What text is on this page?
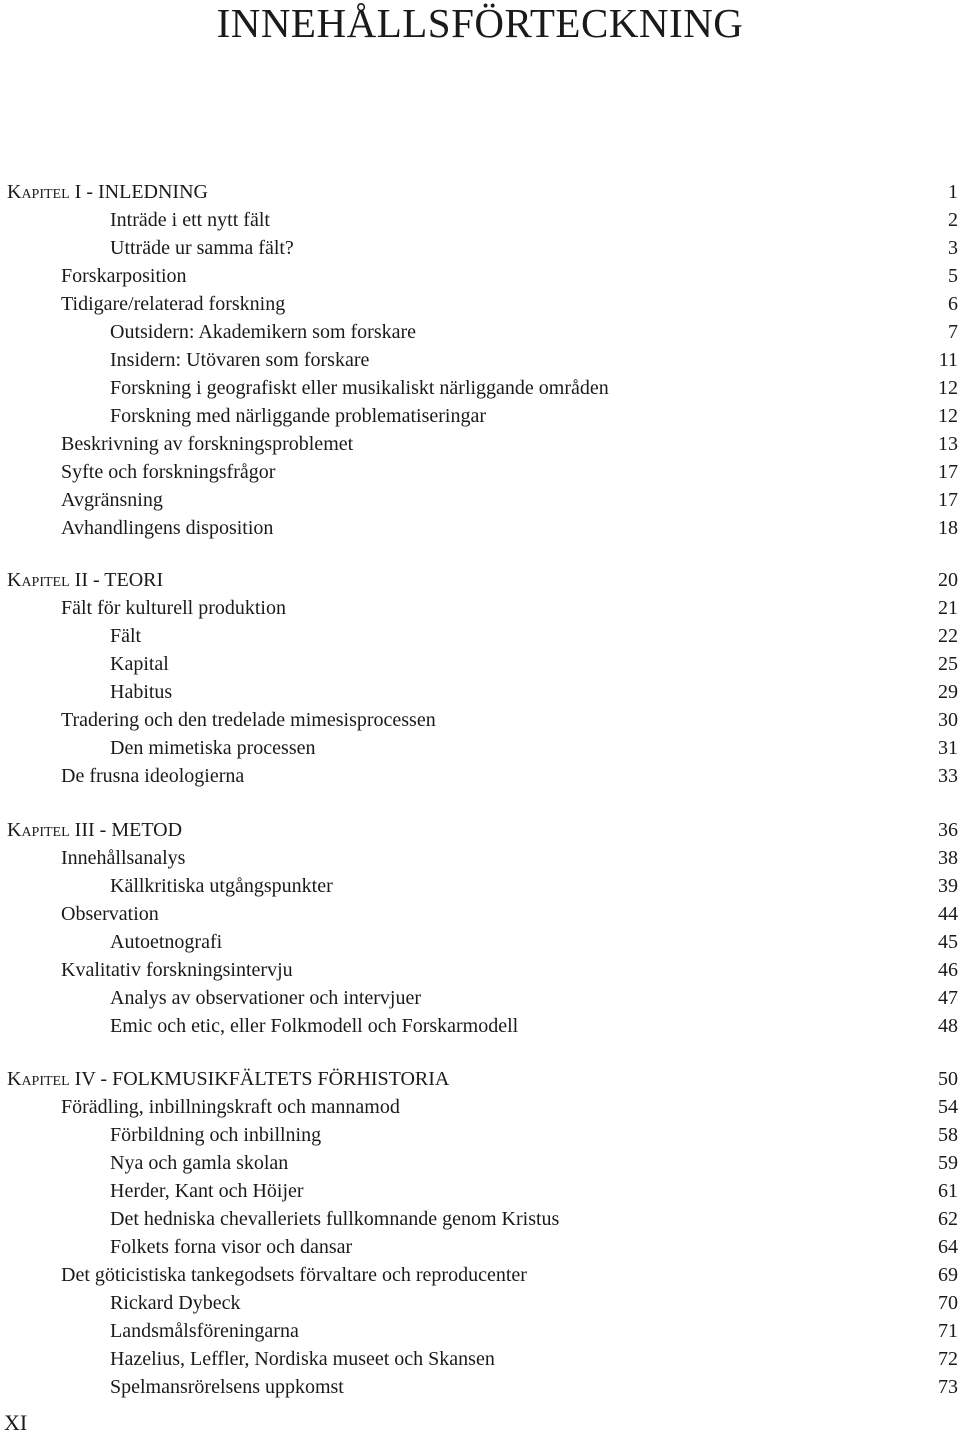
INNEHÅLLSFÖRTECKNING
Kapitel I - INLEDNING	1
Inträde i ett nytt fält	2
Utträde ur samma fält?	3
Forskarposition	5
Tidigare/relaterad forskning	6
Outsidern: Akademikern som forskare	7
Insidern: Utövaren som forskare	11
Forskning i geografiskt eller musikaliskt närliggande områden	12
Forskning med närliggande problematiseringar	12
Beskrivning av forskningsproblemet	13
Syfte och forskningsfrågor	17
Avgränsning	17
Avhandlingens disposition	18
Kapitel II - TEORI	20
Fält för kulturell produktion	21
Fält	22
Kapital	25
Habitus	29
Tradering och den tredelade mimesisprocessen	30
Den mimetiska processen	31
De frusna ideologierna	33
Kapitel III - METOD	36
Innehållsanalys	38
Källkritiska utgångspunkter	39
Observation	44
Autoetnografi	45
Kvalitativ forskningsintervju	46
Analys av observationer och intervjuer	47
Emic och etic, eller Folkmodell och Forskarmodell	48
Kapitel IV - FOLKMUSIKFÄLTETS FÖRHISTORIA	50
Förädling, inbillningskraft och mannamod	54
Förbildning och inbillning	58
Nya och gamla skolan	59
Herder, Kant och Höijer	61
Det hedniska chevalleriets fullkomnande genom Kristus	62
Folkets forna visor och dansar	64
Det göticistiska tankegodsets förvaltare och reproducenter	69
Rickard Dybeck	70
Landsmålsföreningarna	71
Hazelius, Leffler, Nordiska museet och Skansen	72
Spelmansrörelsens uppkomst	73
XI
